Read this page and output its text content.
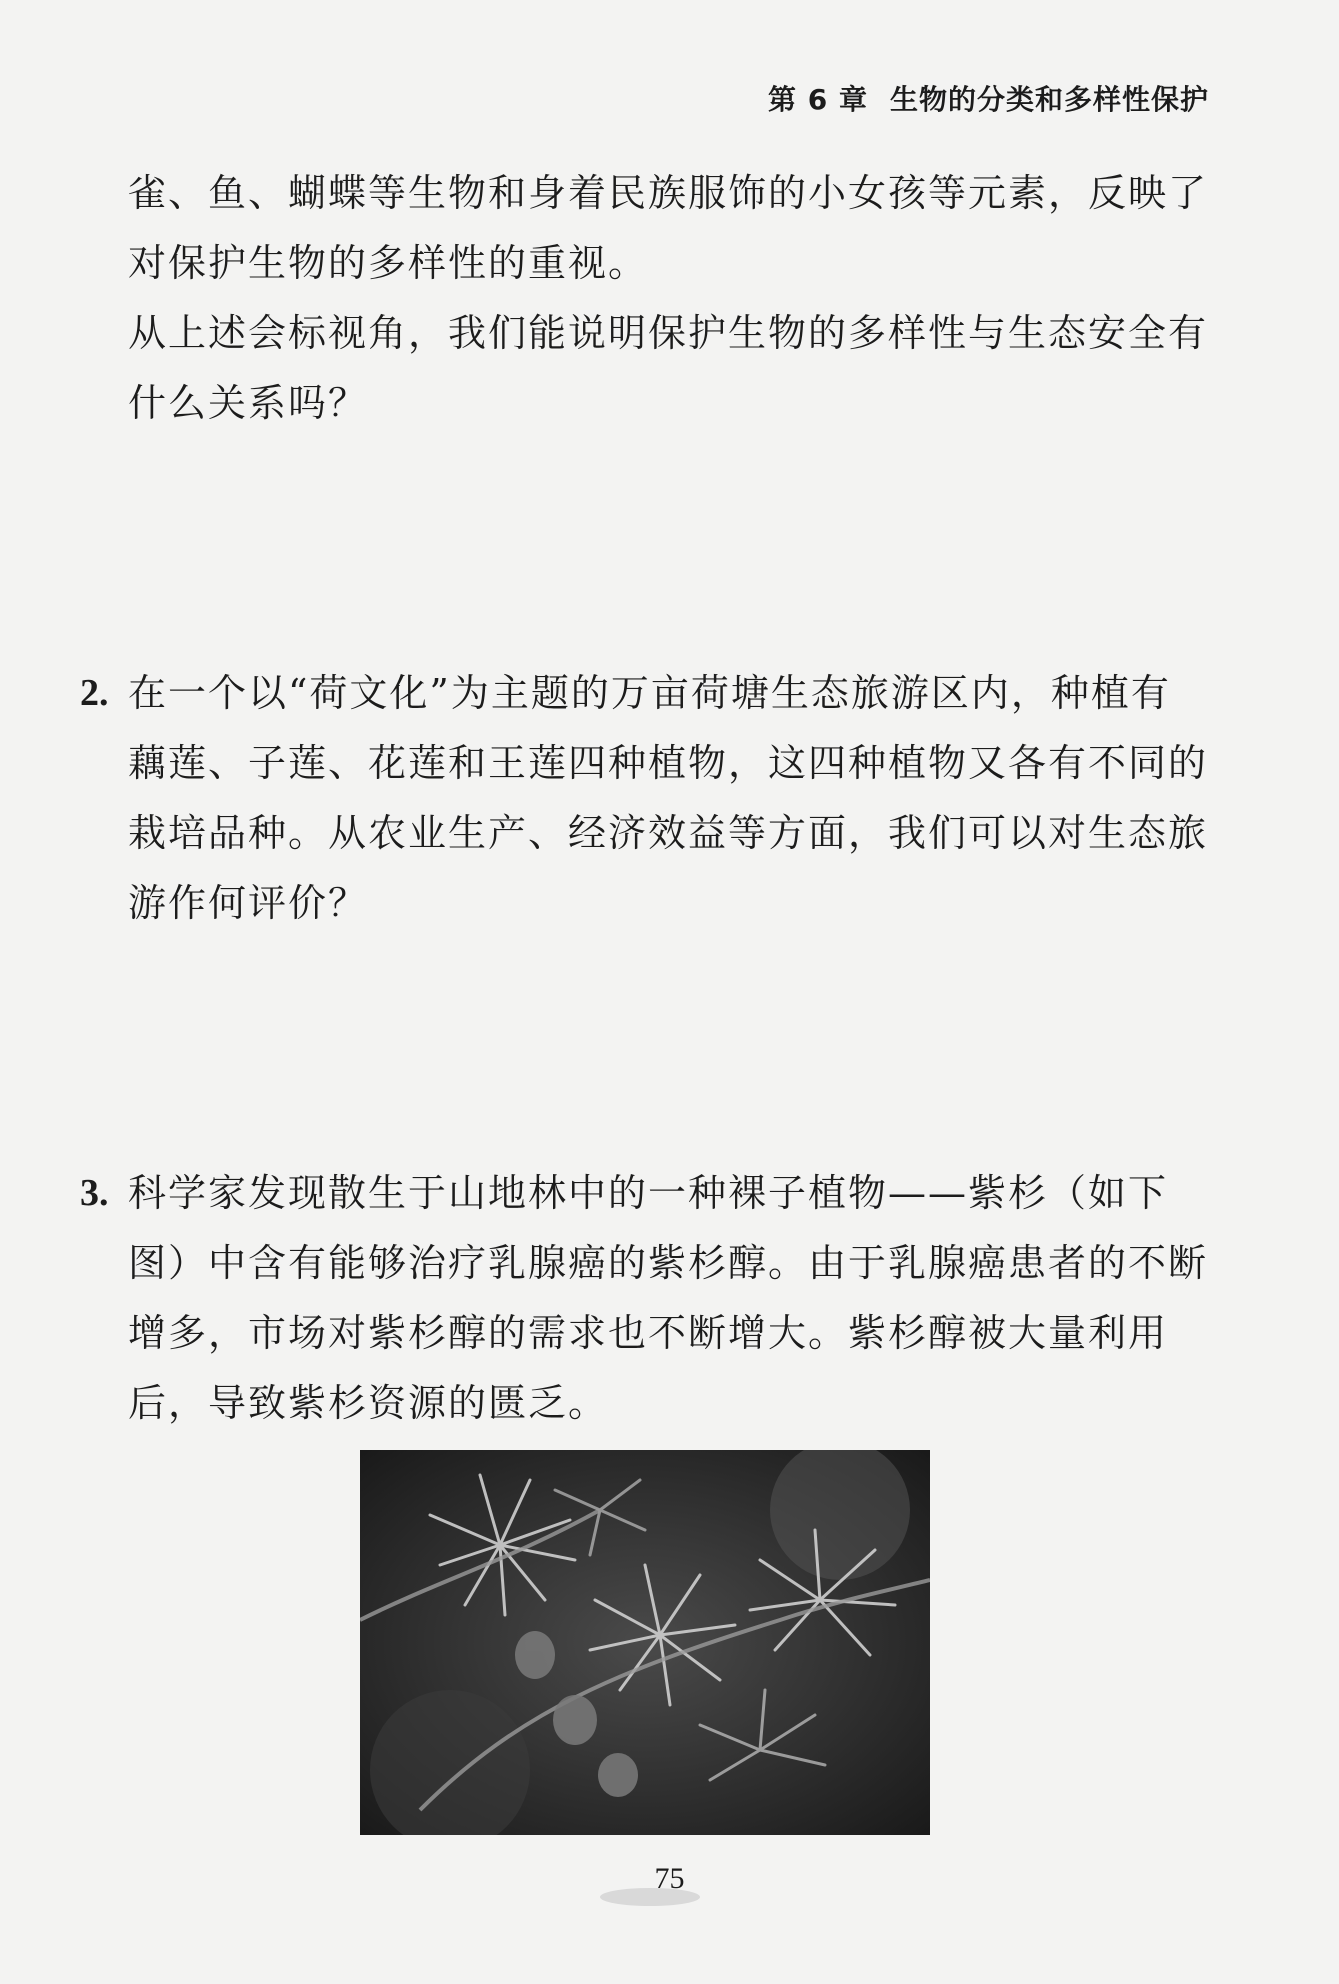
第 6 章 生物的分类和多样性保护
雀、鱼、蝴蝶等生物和身着民族服饰的小女孩等元素，反映了对保护生物的多样性的重视。
从上述会标视角，我们能说明保护生物的多样性与生态安全有什么关系吗？
2. 在一个以“荷文化”为主题的万亩荷塘生态旅游区内，种植有藕莲、子莲、花莲和王莲四种植物，这四种植物又各有不同的栽培品种。从农业生产、经济效益等方面，我们可以对生态旅游作何评价？
3. 科学家发现散生于山地林中的一种裸子植物——紫杉（如下图）中含有能够治疗乳腺癌的紫杉醇。由于乳腺癌患者的不断增多，市场对紫杉醇的需求也不断增大。紫杉醇被大量利用后，导致紫杉资源的匮乏。
75
